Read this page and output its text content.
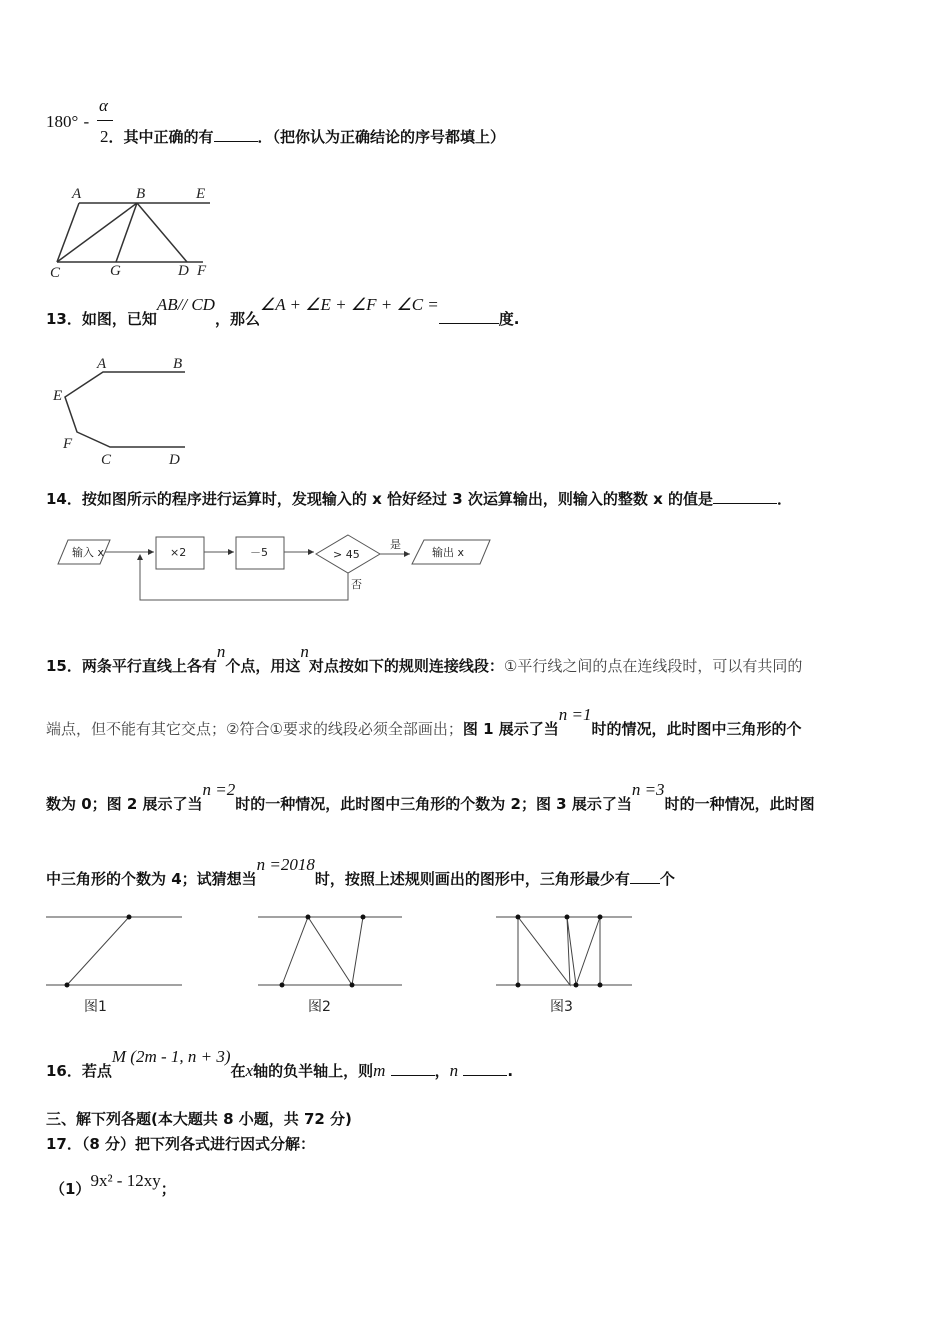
180° -
α
2．其中正确的有	．（把你认为正确结论的序号都填上）
A	B	E
C	G	D F
13．如图，已知AB// CD，那么∠A + ∠E + ∠F + ∠C =度.
A	B
E
F
C	D
14．按如图所示的程序进行运算时，发现输入的 x 恰好经过 3 次运算输出，则输入的整数 x 的值是	．
输入 x	×2	－5	> 45
是
否
输出 x
15．两条平行直线上各有n个点，用这n对点按如下的规则连接线段：①平行线之间的点在连线段时，可以有共同的
端点，但不能有其它交点；②符合①要求的线段必须全部画出；图 1 展示了当n =1时的情况，此时图中三角形的个
数为 0；图 2 展示了当n =2时的一种情况，此时图中三角形的个数为 2；图 3 展示了当n =3时的一种情况，此时图
中三角形的个数为 4；试猜想当n =2018时，按照上述规则画出的图形中，三角形最少有 个
图1	图2	图3
16．若点M (2m - 1, n + 3)在x轴的负半轴上，则m	，n	.
三、解下列各题(本大题共 8 小题，共 72 分)
17．（8 分）把下列各式进行因式分解：
（1）9x² - 12xy；
